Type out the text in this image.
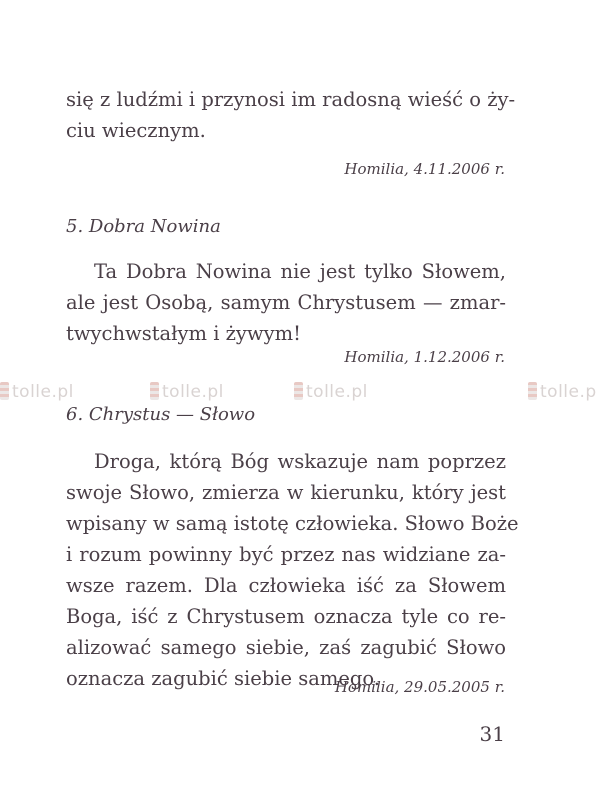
się z ludźmi i przynosi im radosną wieść o ży-
ciu wiecznym.
Homilia, 4.11.2006 r.
5. Dobra Nowina
Ta Dobra Nowina nie jest tylko Słowem,
ale jest Osobą, samym Chrystusem — zmar-
twychwstałym i żywym!
Homilia, 1.12.2006 r.
tolle.pl	tolle.pl	tolle.pl	tolle.p
6. Chrystus — Słowo
Droga, którą Bóg wskazuje nam poprzez
swoje Słowo, zmierza w kierunku, który jest
wpisany w samą istotę człowieka. Słowo Boże
i rozum powinny być przez nas widziane za-
wsze razem. Dla człowieka iść za Słowem
Boga, iść z Chrystusem oznacza tyle co re-
alizować samego siebie, zaś zagubić Słowo
oznacza zagubić siebie samego.
Homilia, 29.05.2005 r.
31
